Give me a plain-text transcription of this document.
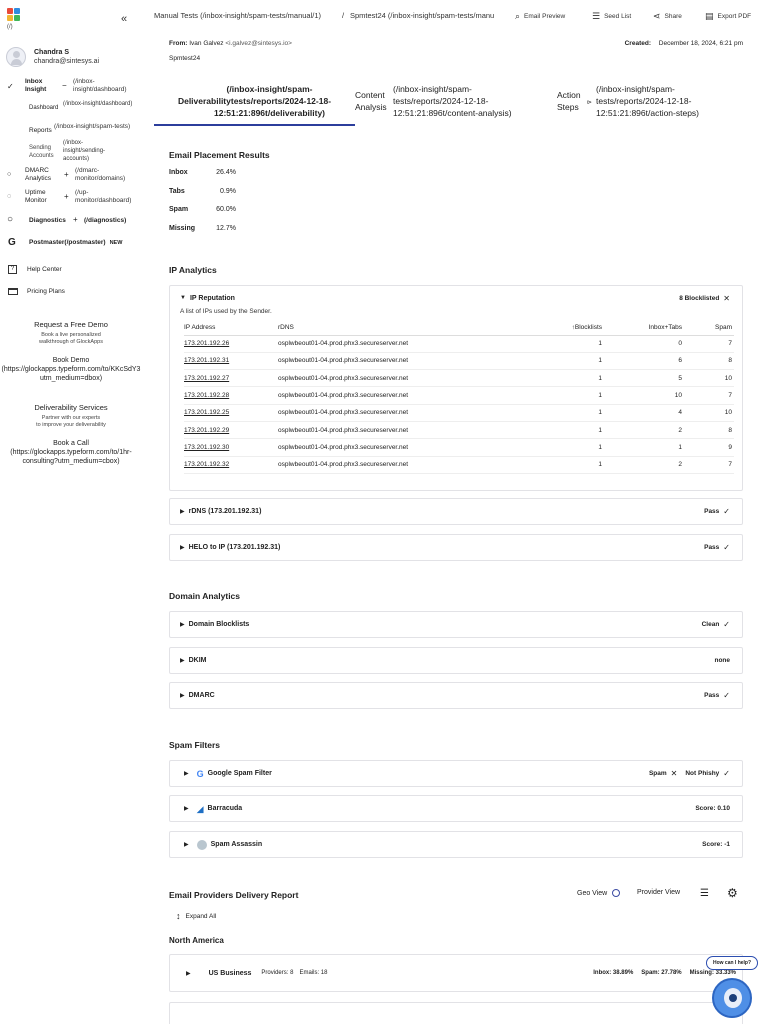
(/)
«
Chandra S
chandra@sintesys.ai
✓
Inbox Insight	− (/inbox-insight/dashboard)
Dashboard
(/inbox-insight/dashboard)
Reports
(/inbox-insight/spam-tests)
Sending Accounts
(/inbox-insight/sending-accounts)
○
DMARC Analytics	+ (/dmarc-monitor/domains)
◌
Uptime Monitor	+ (/up-monitor/dashboard)
○ Diagnostics + (/diagnostics)
G Postmaster(/postmaster) NEW
?	Help Center
Pricing Plans
Request a Free Demo
Book a live personalized
walkthrough of GlockApps
Book Demo
(https://glockapps.typeform.com/to/KKcSdY3
utm_medium=dbox)
Deliverability Services
Partner with our experts
to improve your deliverability
Book a Call
(https://glockapps.typeform.com/to/1hr-
consulting?utm_medium=cbox)
Manual Tests (/inbox-insight/spam-tests/manual/1)	/ Spmtest24 (/inbox-insight/spam-tests/manu	⌕ Email Preview	☰ Seed List ⋖ Share	▤ Export PDF
From: Ivan Galvez <i.galvez@sintesys.io>	Created: December 18, 2024, 6:21 pm
Spmtest24
(/inbox-insight/spam-
Deliverabilitytests/reports/2024-12-18-
12:51:21:896t/deliverability)
Content
Analysis
(/inbox-insight/spam-
tests/reports/2024-12-18-
12:51:21:896t/content-analysis)
Action
Steps	⊳
(/inbox-insight/spam-
tests/reports/2024-12-18-
12:51:21:896t/action-steps)
Email Placement Results
Inbox	26.4%
Tabs	0.9%
Spam	60.0%
Missing	12.7%
IP Analytics
▼ IP Reputation	8 Blocklisted ✕
A list of IPs used by the Sender.
IP Address	rDNS	↑Blocklists	Inbox+Tabs	Spam
173.201.192.26	osplwbeout01-04.prod.phx3.secureserver.net	1	0	7
173.201.192.31	osplwbeout01-04.prod.phx3.secureserver.net	1	6	8
173.201.192.27	osplwbeout01-04.prod.phx3.secureserver.net	1	5	10
173.201.192.28	osplwbeout01-04.prod.phx3.secureserver.net	1	10	7
173.201.192.25	osplwbeout01-04.prod.phx3.secureserver.net	1	4	10
173.201.192.29	osplwbeout01-04.prod.phx3.secureserver.net	1	2	8
173.201.192.30	osplwbeout01-04.prod.phx3.secureserver.net	1	1	9
173.201.192.32	osplwbeout01-04.prod.phx3.secureserver.net	1	2	7
▶ rDNS (173.201.192.31)	Pass ✓
▶ HELO to IP (173.201.192.31)	Pass ✓
Domain Analytics
▶ Domain Blocklists	Clean ✓
▶ DKIM	none
▶ DMARC	Pass ✓
Spam Filters
▶ G Google Spam Filter	Spam ✕ Not Phishy ✓
▶ ◢ Barracuda	Score: 0.10
▶	Spam Assassin	Score: -1
Email Providers Delivery Report	Geo View	Provider View ☰ ⚙
↕ Expand All
North America
▶	US Business Providers: 8 Emails: 18	Inbox: 38.89% Spam: 27.78% Missing: 33.33%
How can I help?
